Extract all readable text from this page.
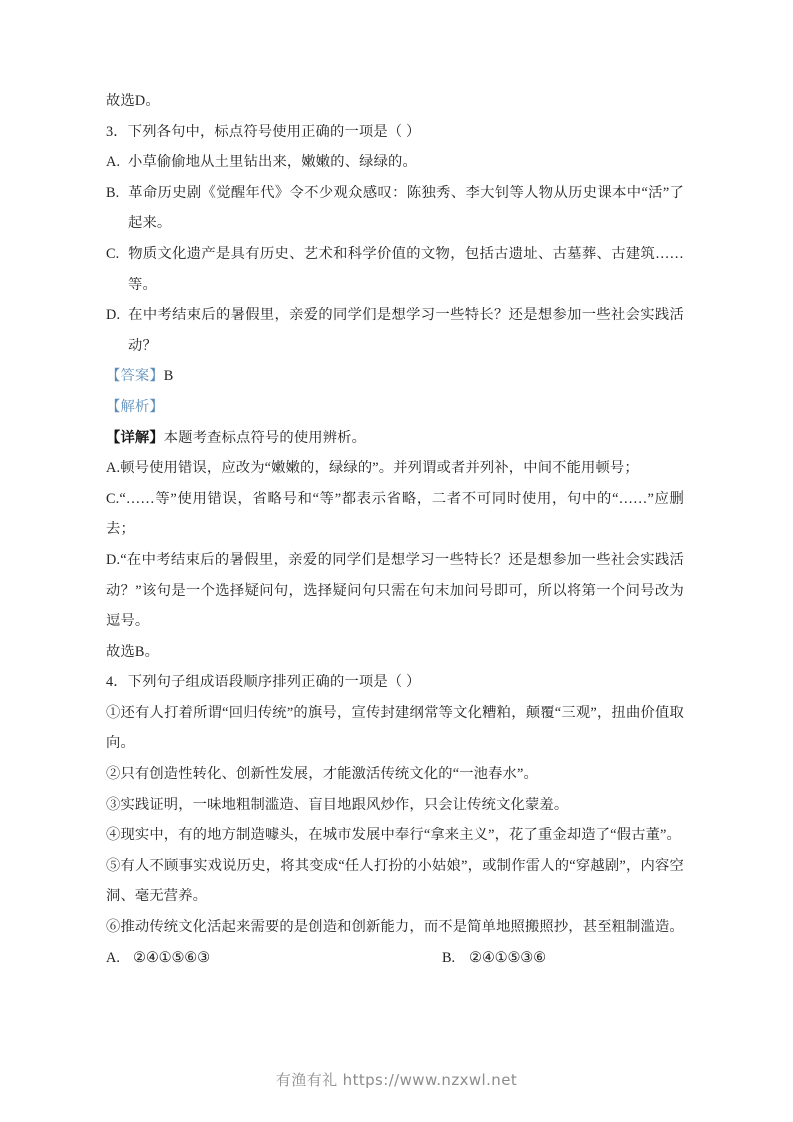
故选D。

3．下列各句中，标点符号使用正确的一项是（ ）

A. 小草偷偷地从土里钻出来，嫩嫩的、绿绿的。

B. 革命历史剧《觉醒年代》令不少观众感叹：陈独秀、李大钊等人物从历史课本中“活”了起来。

C. 物质文化遗产是具有历史、艺术和科学价值的文物，包括古遗址、古墓葬、古建筑……等。

D. 在中考结束后的暑假里，亲爱的同学们是想学习一些特长？还是想参加一些社会实践活动？

【答案】B

【解析】

【详解】本题考查标点符号的使用辨析。

A.顿号使用错误，应改为“嫩嫩的，绿绿的”。并列谓或者并列补，中间不能用顿号；

C.“……等”使用错误，省略号和“等”都表示省略，二者不可同时使用，句中的“……”应删去；

D.“在中考结束后的暑假里，亲爱的同学们是想学习一些特长？还是想参加一些社会实践活动？”该句是一个选择疑问句，选择疑问句只需在句末加问号即可，所以将第一个问号改为逗号。

故选B。

4．下列句子组成语段顺序排列正确的一项是（ ）

①还有人打着所谓“回归传统”的旗号，宣传封建纲常等文化糟粕，颠覆“三观”，扭曲价值取向。

②只有创造性转化、创新性发展，才能激活传统文化的“一池春水”。

③实践证明，一味地粗制滥造、盲目地跟风炒作，只会让传统文化蒙羞。

④现实中，有的地方制造噱头，在城市发展中奉行“拿来主义”，花了重金却造了“假古董”。

⑤有人不顾事实戏说历史，将其变成“任人打扮的小姑娘”，或制作雷人的“穿越剧”，内容空洞、毫无营养。

⑥推动传统文化活起来需要的是创造和创新能力，而不是简单地照搬照抄，甚至粗制滥造。

A. ②④①⑤⑥③	B. ②④①⑤③⑥
有渔有礼 https://www.nzxwl.net
